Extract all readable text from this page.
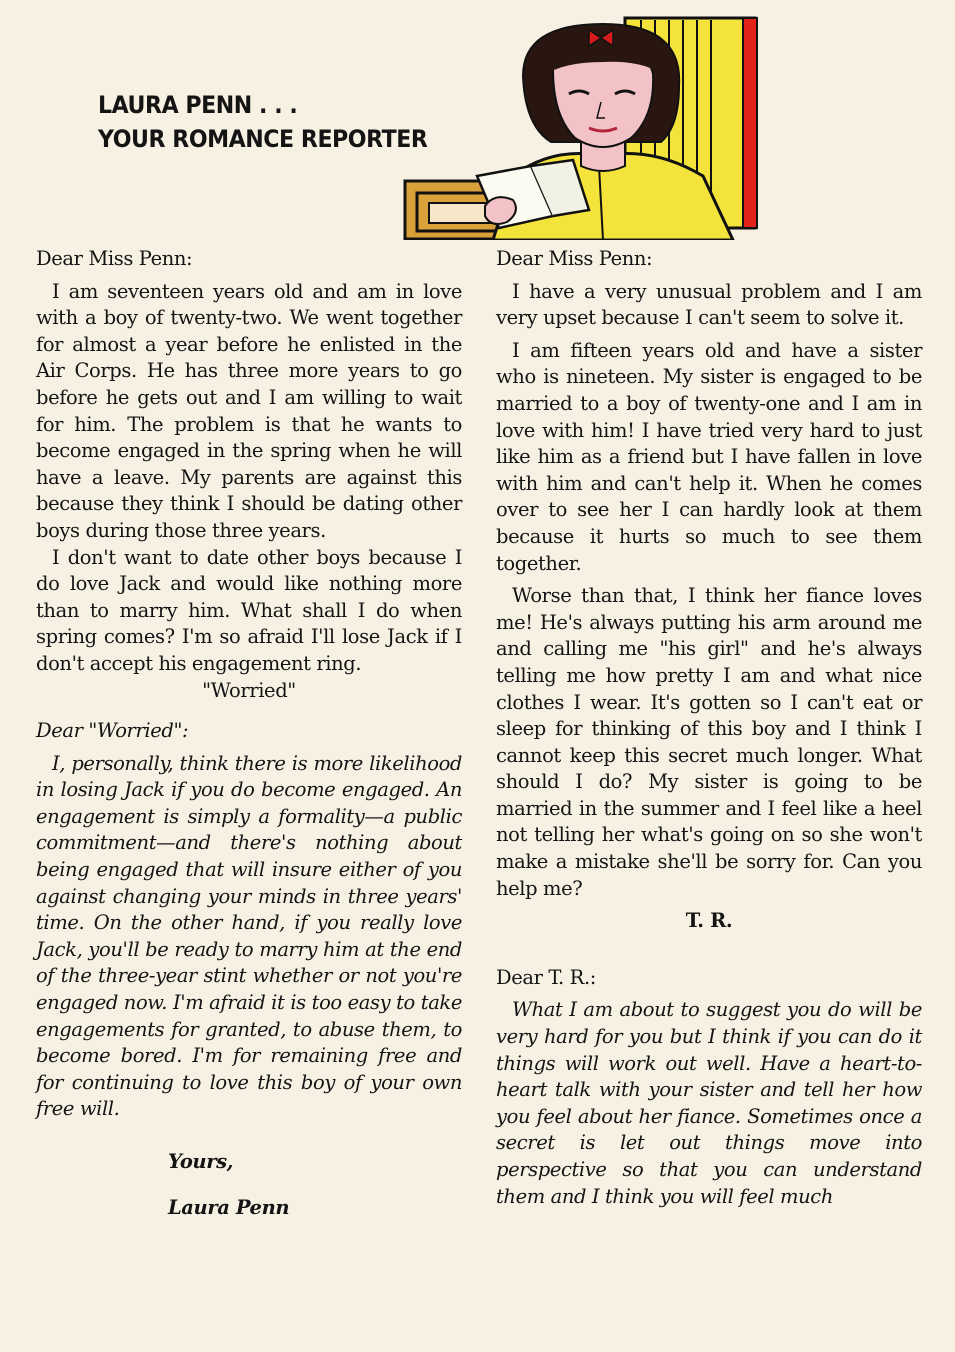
LAURA PENN . . .
YOUR ROMANCE REPORTER

Dear Miss Penn:

I am seventeen years old and am in love with a boy of twenty-two. We went together for almost a year before he enlisted in the Air Corps. He has three more years to go before he gets out and I am willing to wait for him. The problem is that he wants to become engaged in the spring when he will have a leave. My parents are against this because they think I should be dating other boys during those three years.

I don't want to date other boys because I do love Jack and would like nothing more than to marry him. What shall I do when spring comes? I'm so afraid I'll lose Jack if I don't accept his engagement ring.

"Worried"

Dear "Worried":

I, personally, think there is more likelihood in losing Jack if you do become engaged. An engagement is simply a formality—a public commitment—and there's nothing about being engaged that will insure either of you against changing your minds in three years' time. On the other hand, if you really love Jack, you'll be ready to marry him at the end of the three-year stint whether or not you're engaged now. I'm afraid it is too easy to take engagements for granted, to abuse them, to become bored. I'm for remaining free and for continuing to love this boy of your own free will.

Yours,

Laura Penn

Dear Miss Penn:

I have a very unusual problem and I am very upset because I can't seem to solve it.

I am fifteen years old and have a sister who is nineteen. My sister is engaged to be married to a boy of twenty-one and I am in love with him! I have tried very hard to just like him as a friend but I have fallen in love with him and can't help it. When he comes over to see her I can hardly look at them because it hurts so much to see them together.

Worse than that, I think her fiance loves me! He's always putting his arm around me and calling me "his girl" and he's always telling me how pretty I am and what nice clothes I wear. It's gotten so I can't eat or sleep for thinking of this boy and I think I cannot keep this secret much longer. What should I do? My sister is going to be married in the summer and I feel like a heel not telling her what's going on so she won't make a mistake she'll be sorry for. Can you help me?

T. R.

Dear T. R.:

What I am about to suggest you do will be very hard for you but I think if you can do it things will work out well. Have a heart-to-heart talk with your sister and tell her how you feel about her fiance. Sometimes once a secret is let out things move into perspective so that you can understand them and I think you will feel much
